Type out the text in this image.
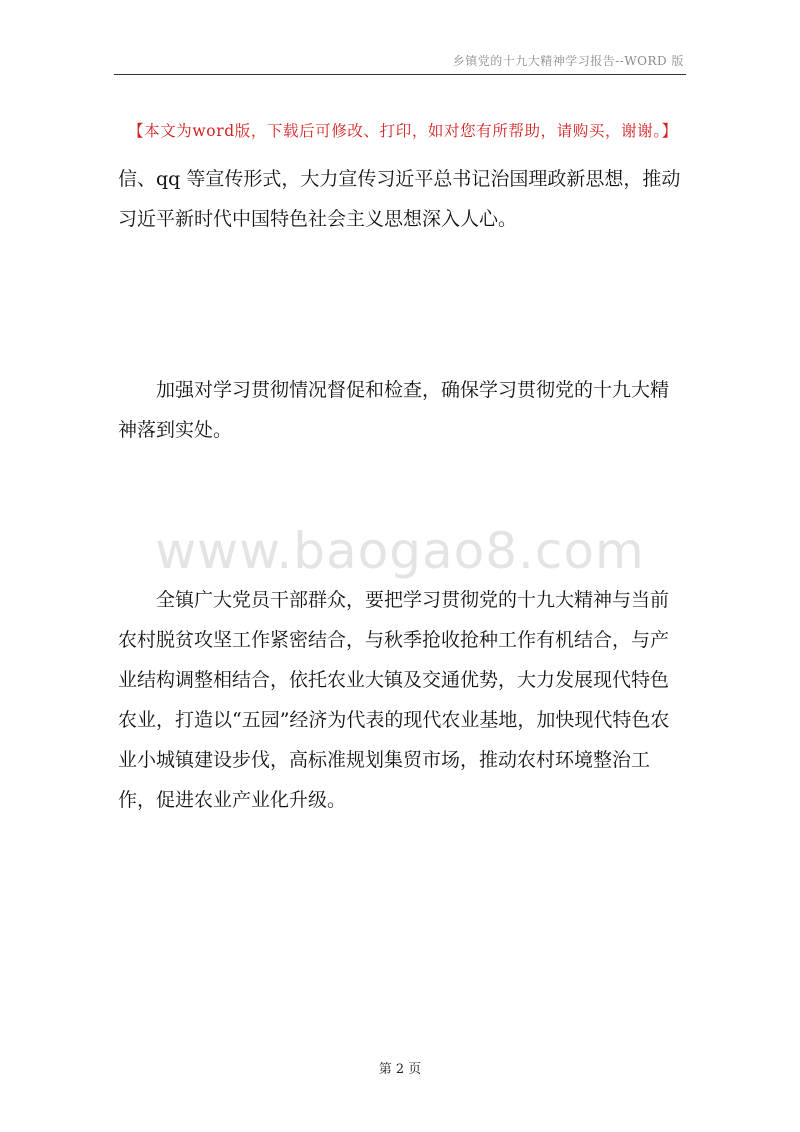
乡镇党的十九大精神学习报告--WORD 版
【本文为word版，下载后可修改、打印，如对您有所帮助，请购买，谢谢。】

信、qq 等宣传形式，大力宣传习近平总书记治国理政新思想，推动习近平新时代中国特色社会主义思想深入人心。

加强对学习贯彻情况督促和检查，确保学习贯彻党的十九大精神落到实处。

www.baogao8.com

全镇广大党员干部群众，要把学习贯彻党的十九大精神与当前农村脱贫攻坚工作紧密结合，与秋季抢收抢种工作有机结合，与产业结构调整相结合，依托农业大镇及交通优势，大力发展现代特色农业，打造以“五园”经济为代表的现代农业基地，加快现代特色农业小城镇建设步伐，高标准规划集贸市场，推动农村环境整治工作，促进农业产业化升级。

第 2 页
